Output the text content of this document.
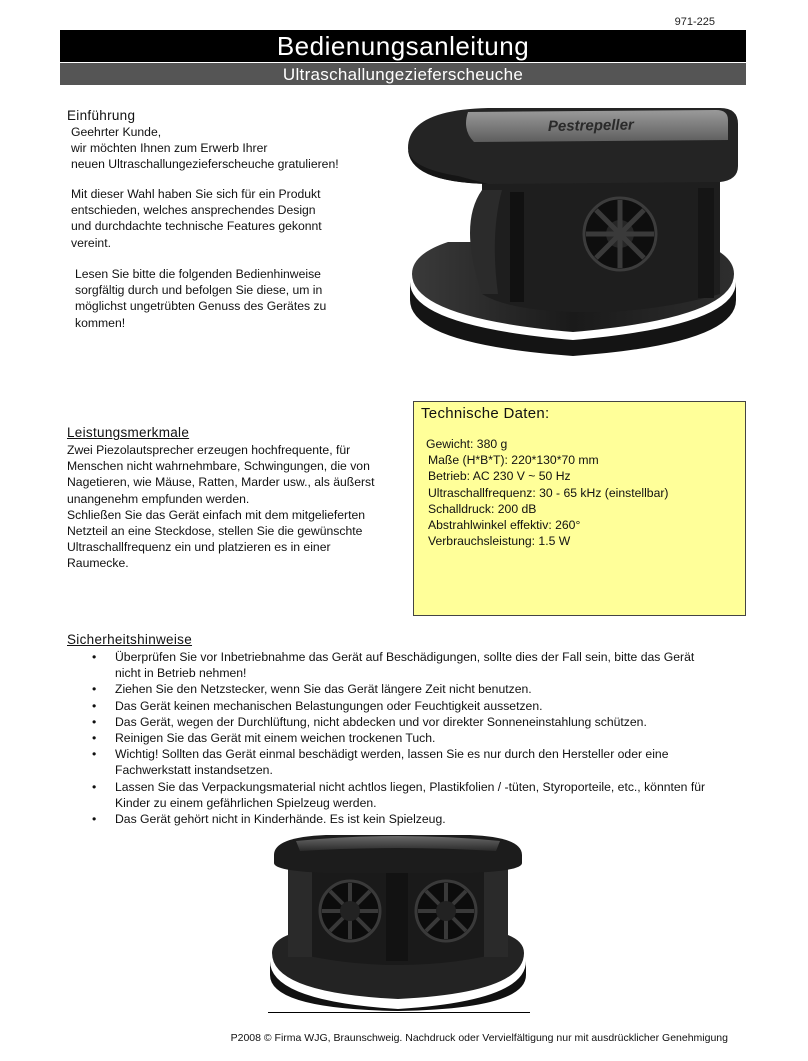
971-225
Bedienungsanleitung
Ultraschallungezieferscheuche
Einführung
Geehrter Kunde,
wir möchten Ihnen zum Erwerb Ihrer
neuen Ultraschallungezieferscheuche gratulieren!
Mit dieser Wahl haben Sie sich für ein Produkt
entschieden, welches ansprechendes Design
und durchdachte technische Features gekonnt
vereint.
Lesen Sie bitte die folgenden Bedienhinweise
sorgfältig durch und befolgen Sie diese, um in
möglichst ungetrübten Genuss des Gerätes zu
kommen!
Pestrepeller
Leistungsmerkmale
Zwei Piezolautsprecher erzeugen hochfrequente, für
Menschen nicht wahrnehmbare, Schwingungen, die von
Nagetieren, wie Mäuse, Ratten, Marder usw., als äußerst
unangenehm empfunden werden.
Schließen Sie das Gerät einfach mit dem mitgelieferten
Netzteil an eine Steckdose, stellen Sie die gewünschte
Ultraschallfrequenz ein und platzieren es in einer
Raumecke.
Technische Daten:
Gewicht: 380 g
Maße (H*B*T): 220*130*70 mm
Betrieb: AC 230 V ~ 50 Hz
Ultraschallfrequenz: 30 - 65 kHz (einstellbar)
Schalldruck: 200 dB
Abstrahlwinkel effektiv: 260°
Verbrauchsleistung: 1.5 W
Sicherheitshinweise
• Überprüfen Sie vor Inbetriebnahme das Gerät auf Beschädigungen, sollte dies der Fall sein, bitte das Gerät nicht in Betrieb nehmen!
• Ziehen Sie den Netzstecker, wenn Sie das Gerät längere Zeit nicht benutzen.
• Das Gerät keinen mechanischen Belastungungen oder Feuchtigkeit aussetzen.
• Das Gerät, wegen der Durchlüftung, nicht abdecken und vor direkter Sonneneinstahlung schützen.
• Reinigen Sie das Gerät mit einem weichen trockenen Tuch.
• Wichtig! Sollten das Gerät einmal beschädigt werden, lassen Sie es nur durch den Hersteller oder eine Fachwerkstatt instandsetzen.
• Lassen Sie das Verpackungsmaterial nicht achtlos liegen, Plastikfolien / -tüten, Styroporteile, etc., könnten für Kinder zu einem gefährlichen Spielzeug werden.
• Das Gerät gehört nicht in Kinderhände. Es ist kein Spielzeug.
P2008 © Firma WJG, Braunschweig. Nachdruck oder Vervielfältigung nur mit ausdrücklicher Genehmigung
